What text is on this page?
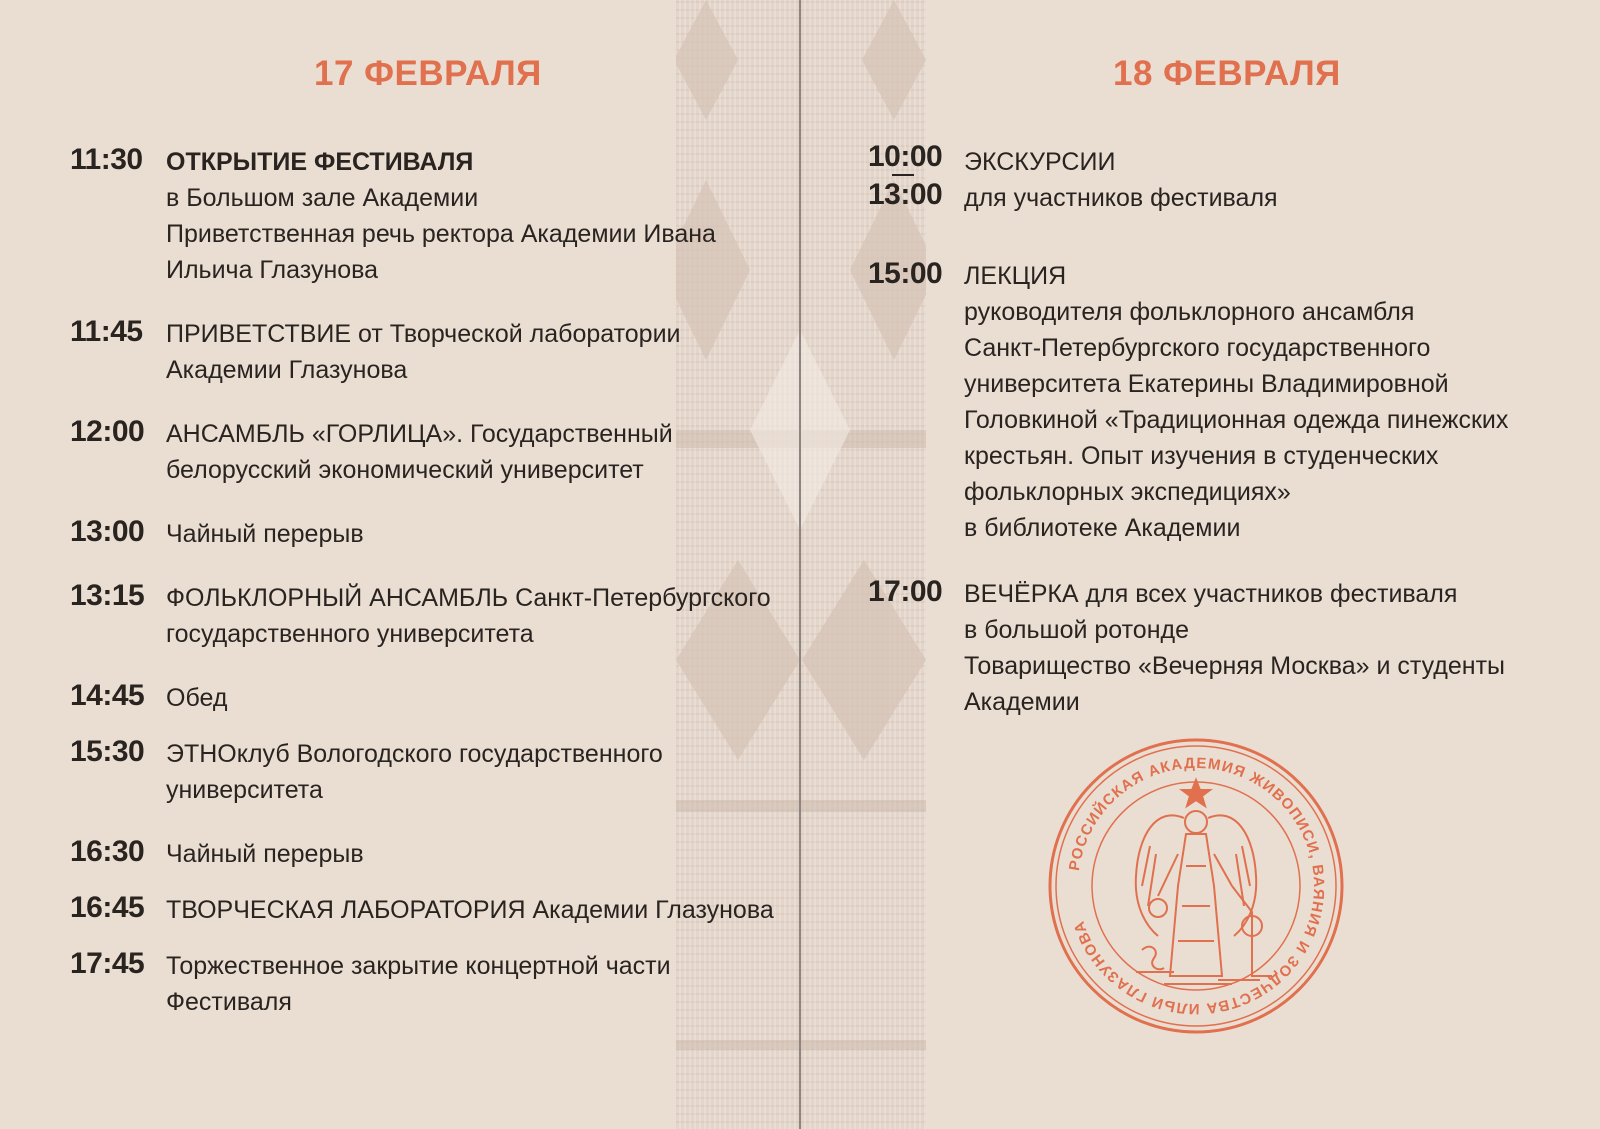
17 ФЕВРАЛЯ
11:30 ОТКРЫТИЕ ФЕСТИВАЛЯ
в Большом зале Академии
Приветственная речь ректора Академии Ивана
Ильича Глазунова
11:45 ПРИВЕТСТВИЕ от Творческой лаборатории
Академии Глазунова
12:00 АНСАМБЛЬ «ГОРЛИЦА». Государственный
белорусский экономический университет
13:00 Чайный перерыв
13:15 ФОЛЬКЛОРНЫЙ АНСАМБЛЬ Санкт-Петербургского
государственного университета
14:45 Обед
15:30 ЭТНОклуб Вологодского государственного
университета
16:30 Чайный перерыв
16:45 ТВОРЧЕСКАЯ ЛАБОРАТОРИЯ Академии Глазунова
17:45 Торжественное закрытие концертной части
Фестиваля
18 ФЕВРАЛЯ
10:00
13:00
ЭКСКУРСИИ
для участников фестиваля
15:00 ЛЕКЦИЯ
руководителя фольклорного ансамбля
Санкт-Петербургского государственного
университета Екатерины Владимировной
Головкиной «Традиционная одежда пинежских
крестьян. Опыт изучения в студенческих
фольклорных экспедициях»
в библиотеке Академии
17:00 ВЕЧЁРКА для всех участников фестиваля
в большой ротонде
Товарищество «Вечерняя Москва» и студенты
Академии
РОССИЙСКАЯ АКАДЕМИЯ ЖИВОПИСИ, ВАЯНИЯ И ЗОДЧЕСТВА ИЛЬИ ГЛАЗУНОВА
